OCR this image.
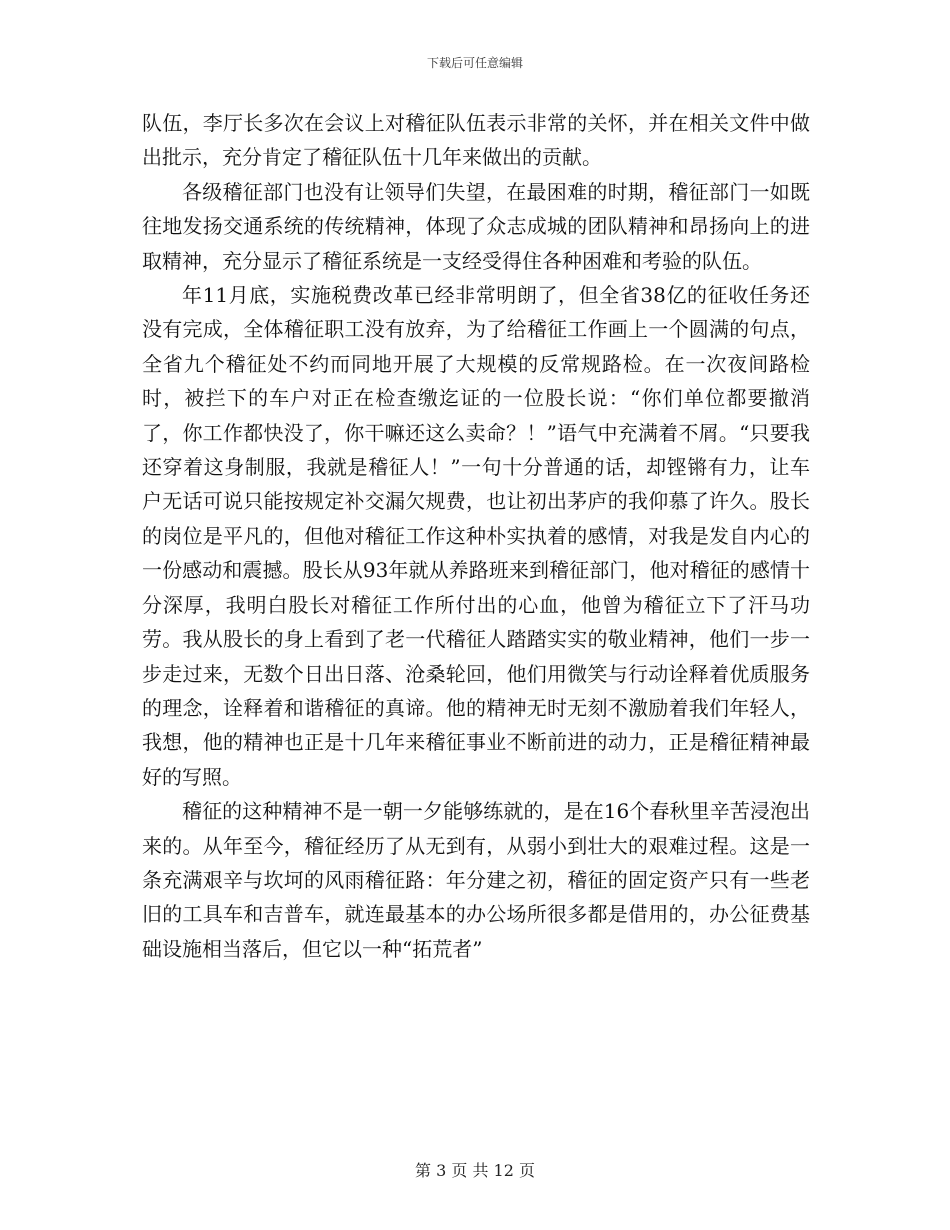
下载后可任意编辑

队伍，李厅长多次在会议上对稽征队伍表示非常的关怀，并在相关文件中做出批示，充分肯定了稽征队伍十几年来做出的贡献。

各级稽征部门也没有让领导们失望，在最困难的时期，稽征部门一如既往地发扬交通系统的传统精神，体现了众志成城的团队精神和昂扬向上的进取精神，充分显示了稽征系统是一支经受得住各种困难和考验的队伍。

年11月底，实施税费改革已经非常明朗了，但全省38亿的征收任务还没有完成，全体稽征职工没有放弃，为了给稽征工作画上一个圆满的句点，全省九个稽征处不约而同地开展了大规模的反常规路检。在一次夜间路检时，被拦下的车户对正在检查缴迄证的一位股长说：“你们单位都要撤消了，你工作都快没了，你干嘛还这么卖命？！”语气中充满着不屑。“只要我还穿着这身制服，我就是稽征人！”一句十分普通的话，却铿锵有力，让车户无话可说只能按规定补交漏欠规费，也让初出茅庐的我仰慕了许久。股长的岗位是平凡的，但他对稽征工作这种朴实执着的感情，对我是发自内心的一份感动和震撼。股长从93年就从养路班来到稽征部门，他对稽征的感情十分深厚，我明白股长对稽征工作所付出的心血，他曾为稽征立下了汗马功劳。我从股长的身上看到了老一代稽征人踏踏实实的敬业精神，他们一步一步走过来，无数个日出日落、沧桑轮回，他们用微笑与行动诠释着优质服务的理念，诠释着和谐稽征的真谛。他的精神无时无刻不激励着我们年轻人，我想，他的精神也正是十几年来稽征事业不断前进的动力，正是稽征精神最好的写照。

稽征的这种精神不是一朝一夕能够练就的，是在16个春秋里辛苦浸泡出来的。从年至今，稽征经历了从无到有，从弱小到壮大的艰难过程。这是一条充满艰辛与坎坷的风雨稽征路：年分建之初，稽征的固定资产只有一些老旧的工具车和吉普车，就连最基本的办公场所很多都是借用的，办公征费基础设施相当落后，但它以一种“拓荒者”

第 3 页 共 12 页
